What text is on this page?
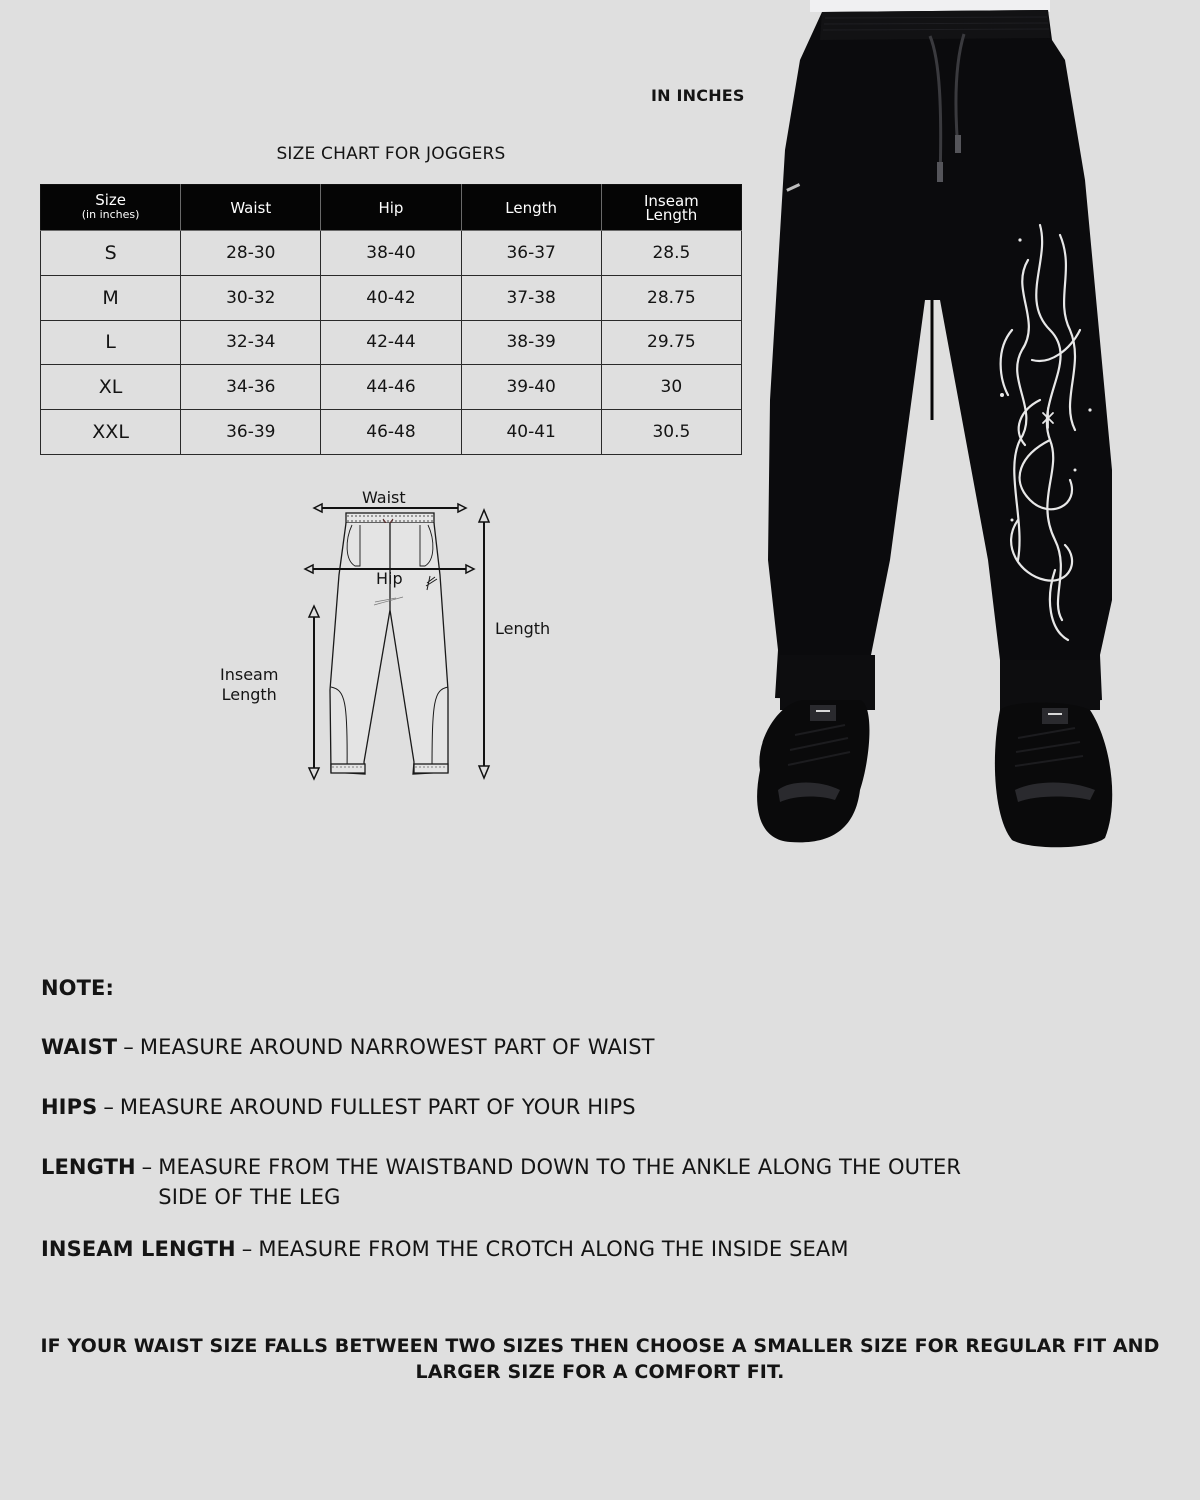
IN INCHES
SIZE CHART FOR JOGGERS
Size
(in inches)	Waist	Hip	Length	Inseam
Length

S	28-30	38-40	36-37	28.5
M	30-32	40-42	37-38	28.75
L	32-34	42-44	38-39	29.75
XL	34-36	44-46	39-40	30
XXL	36-39	46-48	40-41	30.5
Waist
Hip
Length
Inseam
Length
NOTE:
WAIST – MEASURE AROUND NARROWEST PART OF WAIST
HIPS – MEASURE AROUND FULLEST PART OF YOUR HIPS
LENGTH – MEASURE FROM THE WAISTBAND DOWN TO THE ANKLE ALONG THE OUTER SIDE OF THE LEG
INSEAM LENGTH – MEASURE FROM THE CROTCH ALONG THE INSIDE SEAM
IF YOUR WAIST SIZE FALLS BETWEEN TWO SIZES THEN CHOOSE A SMALLER SIZE FOR REGULAR FIT AND LARGER SIZE FOR A COMFORT FIT.
